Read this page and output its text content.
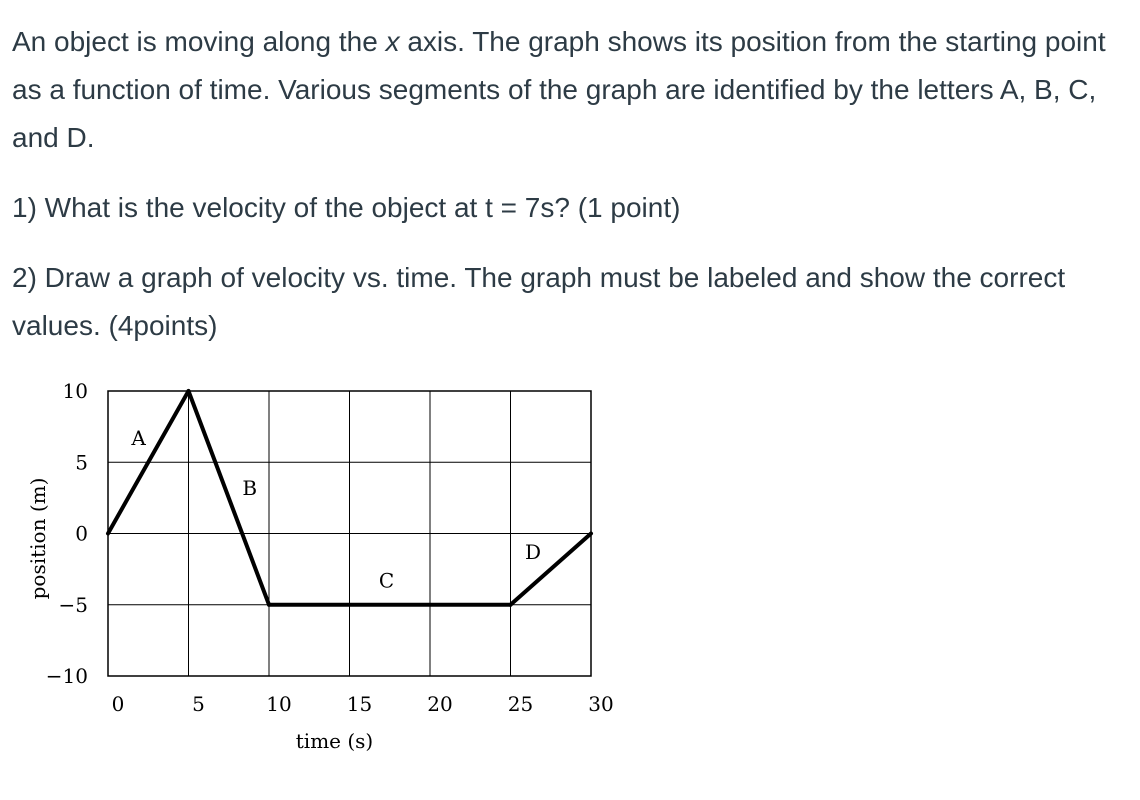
An object is moving along the x axis. The graph shows its position from the starting point as a function of time. Various segments of the graph are identified by the letters A, B, C, and D.

1) What is the velocity of the object at t = 7s? (1 point)

2) Draw a graph of velocity vs. time. The graph must be labeled and show the correct values. (4points)

0	5	10	15	20	25	30
10
5
0
−5
−10
A
B
C
D
time (s)
position (m)
